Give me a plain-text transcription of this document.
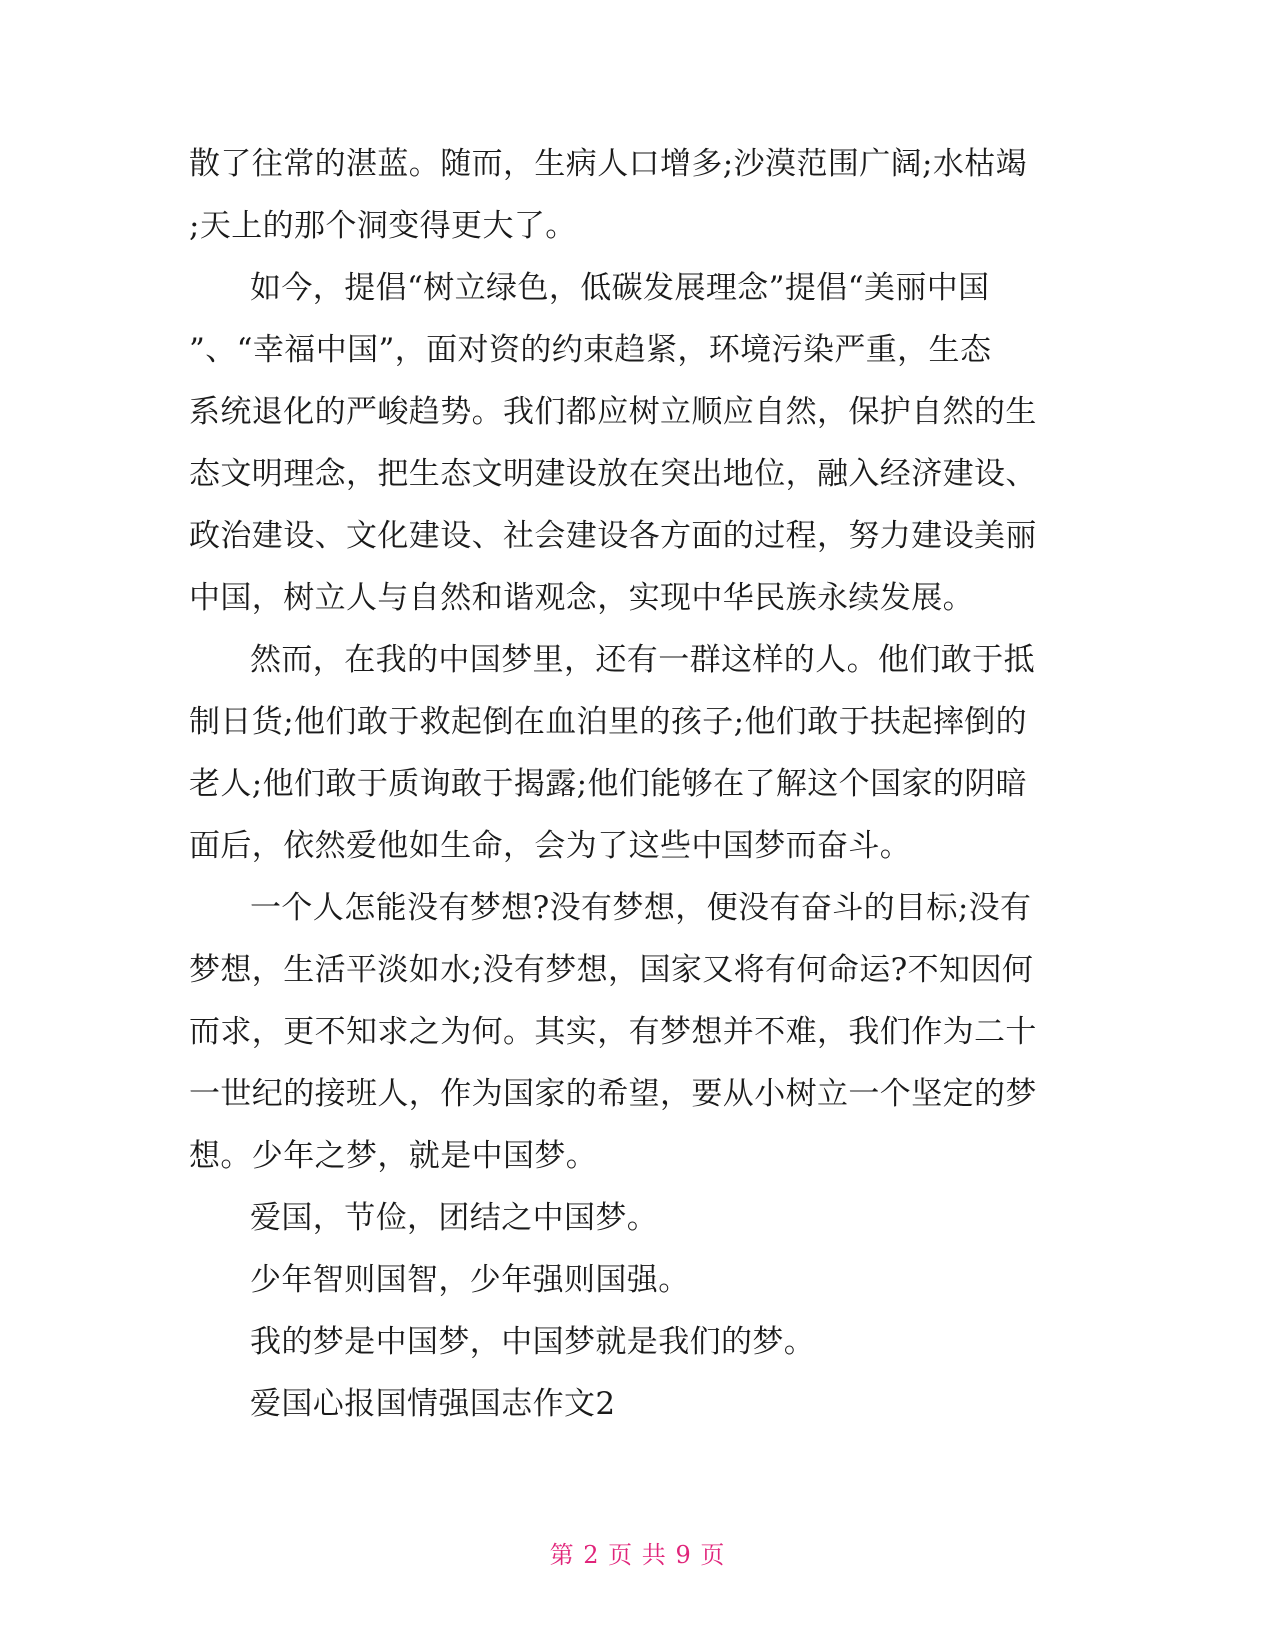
散了往常的湛蓝。随而，生病人口增多;沙漠范围广阔;水枯竭
;天上的那个洞变得更大了。
如今，提倡“树立绿色，低碳发展理念”提倡“美丽中国
”、“幸福中国”，面对资的约束趋紧，环境污染严重，生态
系统退化的严峻趋势。我们都应树立顺应自然，保护自然的生
态文明理念，把生态文明建设放在突出地位，融入经济建设、
政治建设、文化建设、社会建设各方面的过程，努力建设美丽
中国，树立人与自然和谐观念，实现中华民族永续发展。
然而，在我的中国梦里，还有一群这样的人。他们敢于抵
制日货;他们敢于救起倒在血泊里的孩子;他们敢于扶起摔倒的
老人;他们敢于质询敢于揭露;他们能够在了解这个国家的阴暗
面后，依然爱他如生命，会为了这些中国梦而奋斗。
一个人怎能没有梦想?没有梦想，便没有奋斗的目标;没有
梦想，生活平淡如水;没有梦想，国家又将有何命运?不知因何
而求，更不知求之为何。其实，有梦想并不难，我们作为二十
一世纪的接班人，作为国家的希望，要从小树立一个坚定的梦
想。少年之梦，就是中国梦。
爱国，节俭，团结之中国梦。
少年智则国智，少年强则国强。
我的梦是中国梦，中国梦就是我们的梦。
爱国心报国情强国志作文2
第 2 页 共 9 页
